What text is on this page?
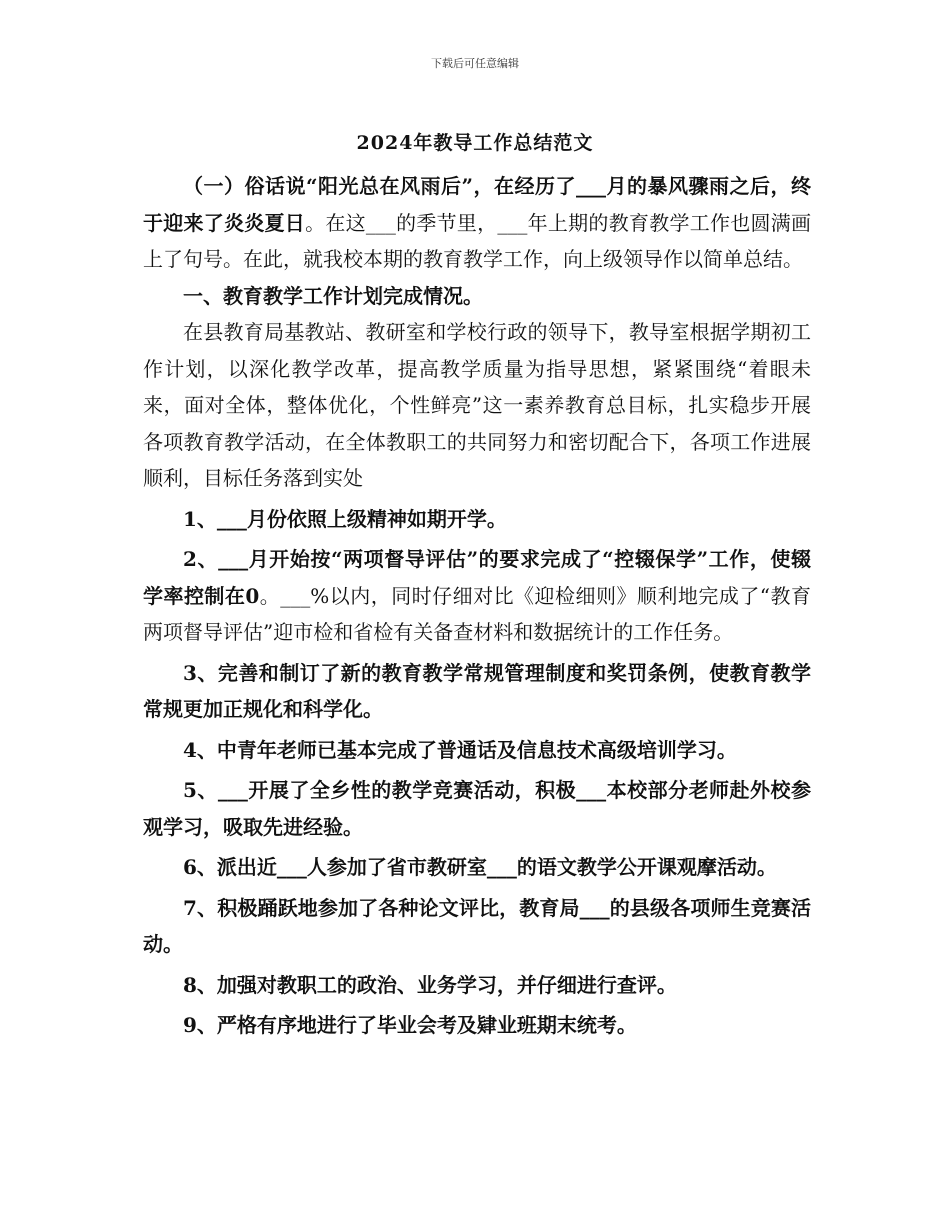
下载后可任意编辑
2024年教导工作总结范文

（一）俗话说“阳光总在风雨后”，在经历了___月的暴风骤雨之后，终于迎来了炎炎夏日。在这___的季节里，___年上期的教育教学工作也圆满画上了句号。在此，就我校本期的教育教学工作，向上级领导作以简单总结。

一、教育教学工作计划完成情况。

在县教育局基教站、教研室和学校行政的领导下，教导室根据学期初工作计划，以深化教学改革，提高教学质量为指导思想，紧紧围绕“着眼未来，面对全体，整体优化，个性鲜亮”这一素养教育总目标，扎实稳步开展各项教育教学活动，在全体教职工的共同努力和密切配合下，各项工作进展顺利，目标任务落到实处

1、___月份依照上级精神如期开学。

2、___月开始按“两项督导评估”的要求完成了“控辍保学”工作，使辍学率控制在0。___%以内，同时仔细对比《迎检细则》顺利地完成了“教育两项督导评估”迎市检和省检有关备查材料和数据统计的工作任务。

3、完善和制订了新的教育教学常规管理制度和奖罚条例，使教育教学常规更加正规化和科学化。

4、中青年老师已基本完成了普通话及信息技术高级培训学习。

5、___开展了全乡性的教学竞赛活动，积极___本校部分老师赴外校参观学习，吸取先进经验。

6、派出近___人参加了省市教研室___的语文教学公开课观摩活动。

7、积极踊跃地参加了各种论文评比，教育局___的县级各项师生竞赛活动。

8、加强对教职工的政治、业务学习，并仔细进行查评。

9、严格有序地进行了毕业会考及肄业班期末统考。
